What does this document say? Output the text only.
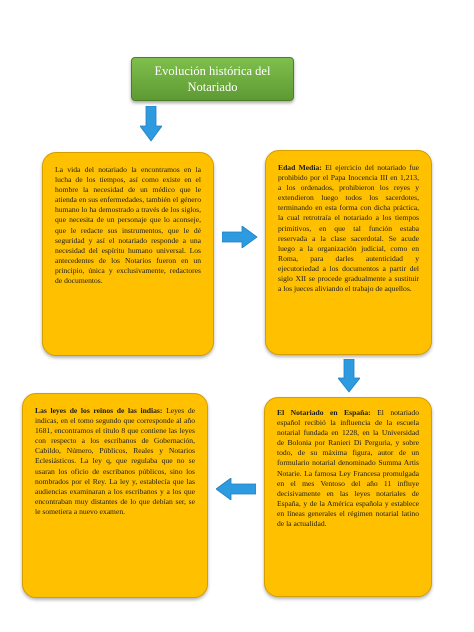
Evolución histórica del Notariado
La vida del notariado la encontramos en la lucha de los tiempos, así como existe en el hombre la necesidad de un médico que le atienda en sus enfermedades, también el género humano lo ha demostrado a través de los siglos, que necesita de un personaje que lo aconseje, que le redacte sus instrumentos, que le dé seguridad y así el notariado responde a una necesidad del espíritu humano universal. Los antecedentes de los Notarios fueron en un principio, única y exclusivamente, redactores de documentos.
Edad Media: El ejercicio del notariado fue prohibido por el Papa Inocencia III en 1,213, a los ordenados, prohibieron los reyes y extendieron luego todos los sacerdotes, terminando en esta forma con dicha práctica, la cual retrotraía el notariado a los tiempos primitivos, en que tal función estaba reservada a la clase sacerdotal. Se acude luego a la organización judicial, como en Roma, para darles autenticidad y ejecutoriedad a los documentos a partir del siglo XII se procede gradualmente a sustituir a los jueces aliviando el trabajo de aquellos.
El Notariado en España: El notariado español recibió la influencia de la escuela notarial fundada en 1228, en la Universidad de Bolonia por Ranieri Di Perguria, y sobre todo, de su máxima figura, autor de un formulario notarial denominado Summa Artis Notarie. La famosa Ley Francesa promulgada en el mes Ventoso del año 11 influye decisivamente en las leyes notariales de España, y de la América española y establece en líneas generales el régimen notarial latino de la actualidad.
Las leyes de los reinos de las indias: Leyes de indicas, en el tomo segundo que corresponde al año 1681, encontramos el título 8 que contiene las leyes con respecto a los escribanos de Gobernación, Cabildo, Número, Públicos, Reales y Notarios Eclesiásticos. La ley q, que regulaba que no se usaran los oficio de escribanos públicos, sino los nombrados por el Rey. La ley y, establecía que las audiencias examinaran a los escribanos y a los que encontraban muy distantes de lo que debían ser, se le sometiera a nuevo examen.
